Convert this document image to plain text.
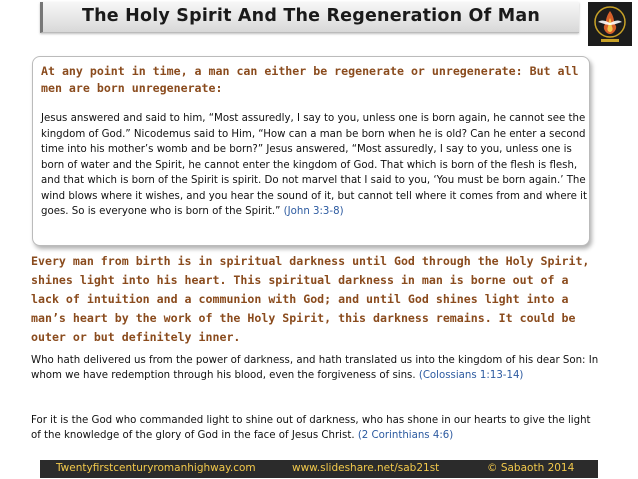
The Holy Spirit And The Regeneration Of Man

At any point in time, a man can either be regenerate or unregenerate: But all men are born unregenerate:

Jesus answered and said to him, “Most assuredly, I say to you, unless one is born again, he cannot see the kingdom of God.” Nicodemus said to Him, “How can a man be born when he is old? Can he enter a second time into his mother’s womb and be born?” Jesus answered, “Most assuredly, I say to you, unless one is born of water and the Spirit, he cannot enter the kingdom of God. That which is born of the flesh is flesh, and that which is born of the Spirit is spirit. Do not marvel that I said to you, ‘You must be born again.’ The wind blows where it wishes, and you hear the sound of it, but cannot tell where it comes from and where it goes. So is everyone who is born of the Spirit.” (John 3:3-8)

Every man from birth is in spiritual darkness until God through the Holy Spirit, shines light into his heart. This spiritual darkness in man is borne out of a lack of intuition and a communion with God; and until God shines light into a man’s heart by the work of the Holy Spirit, this darkness remains. It could be outer or but definitely inner.

Who hath delivered us from the power of darkness, and hath translated us into the kingdom of his dear Son: In whom we have redemption through his blood, even the forgiveness of sins. (Colossians 1:13-14)

For it is the God who commanded light to shine out of darkness, who has shone in our hearts to give the light of the knowledge of the glory of God in the face of Jesus Christ. (2 Corinthians 4:6)

Twentyfirstcenturyromanhighway.com	www.slideshare.net/sab21st	© Sabaoth 2014
